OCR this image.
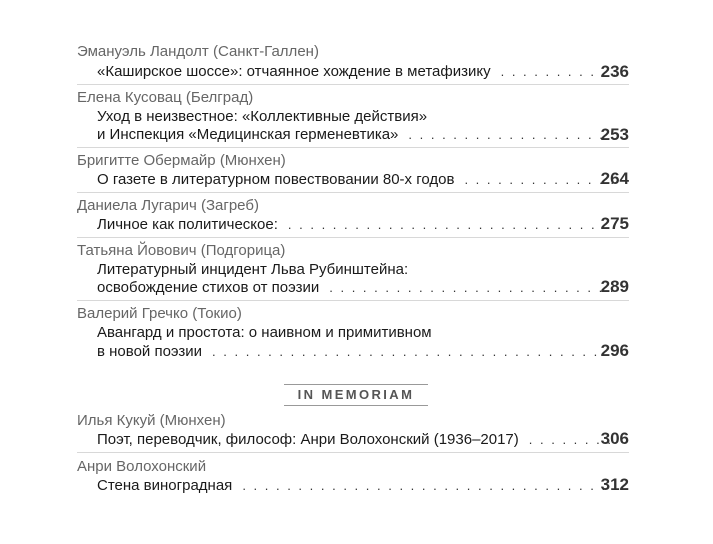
Эмануэль Ландолт (Санкт-Галлен)
«Каширское шоссе»: отчаянное хождение в метафизику . . .	236
Елена Кусовац (Белград)
Уход в неизвестное: «Коллективные действия»
и Инспекция «Медицинская герменевтика» . . .	253
Бригитте Обермайр (Мюнхен)
О газете в литературном повествовании 80-х годов . . .	264
Даниела Лугарич (Загреб)
Личное как политическое: . . .	275
Татьяна Йовович (Подгорица)
Литературный инцидент Льва Рубинштейна:
освобождение стихов от поэзии . . .	289
Валерий Гречко (Токио)
Авангард и простота: о наивном и примитивном
в новой поэзии . . .	296
IN MEMORIAM
Илья Кукуй (Мюнхен)
Поэт, переводчик, философ: Анри Волохонский (1936–2017) . . .	306
Анри Волохонский
Стена виноградная . . .	312
